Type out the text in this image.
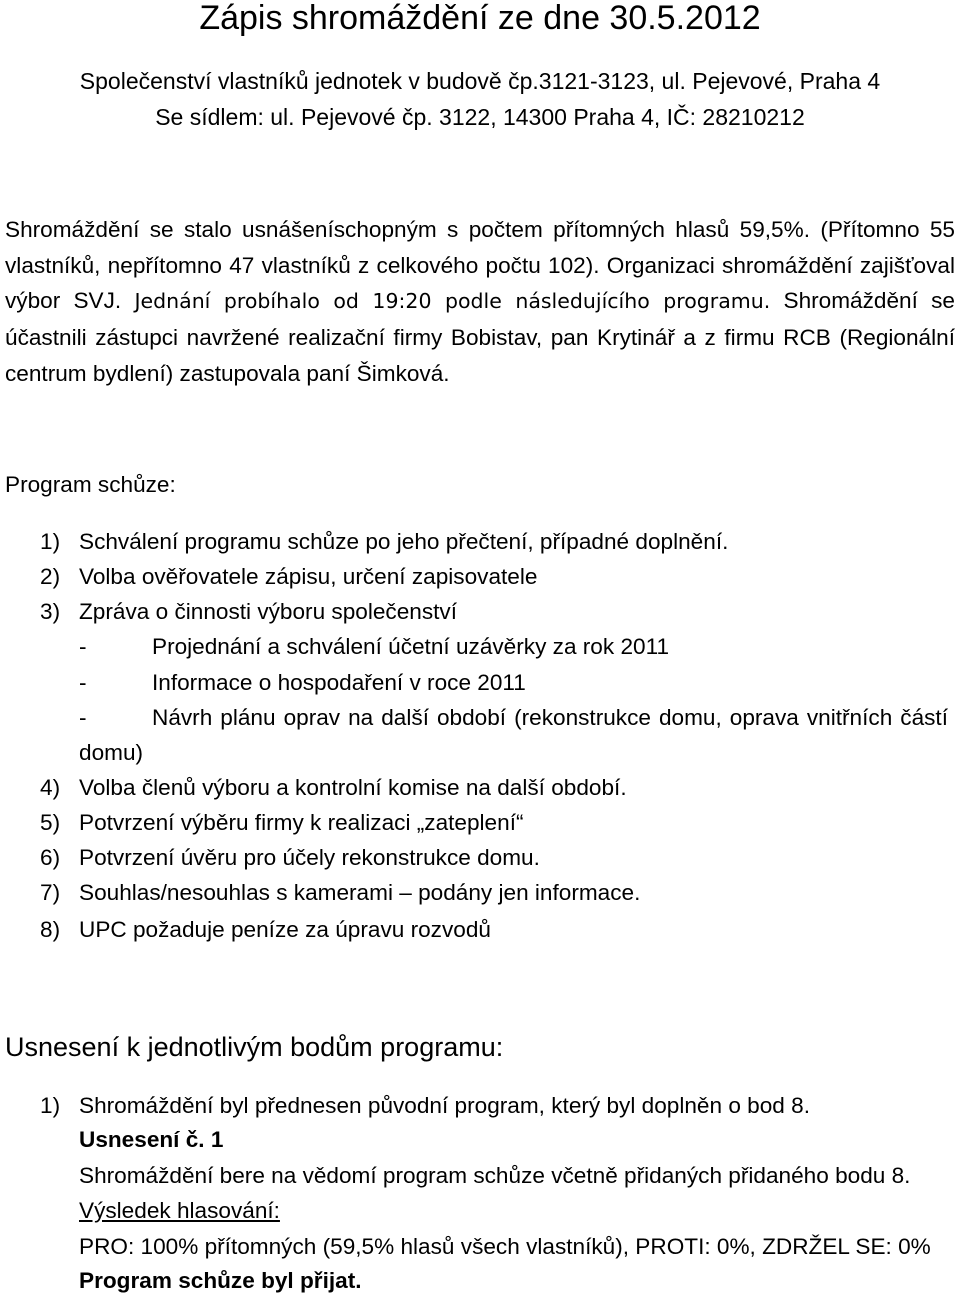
Zápis shromáždění ze dne 30.5.2012
Společenství vlastníků jednotek v budově čp.3121-3123, ul. Pejevové, Praha 4
Se sídlem: ul. Pejevové čp. 3122, 14300 Praha 4, IČ: 28210212
Shromáždění se stalo usnášeníschopným s počtem přítomných hlasů 59,5%. (Přítomno 55
vlastníků, nepřítomno 47 vlastníků z celkového počtu 102). Organizaci shromáždění zajišťoval
výbor SVJ. Jednání probíhalo od 19:20 podle následujícího programu. Shromáždění se
účastnili zástupci navržené realizační firmy Bobistav, pan Krytinář a z firmu RCB (Regionální
centrum bydlení) zastupovala paní Šimková.
Program schůze:
1) Schválení programu schůze po jeho přečtení, případné doplnění.
2) Volba ověřovatele zápisu, určení zapisovatele
3) Zpráva o činnosti výboru společenství
-	Projednání a schválení účetní uzávěrky za rok 2011
-	Informace o hospodaření v roce 2011
-	Návrh plánu oprav na další období (rekonstrukce domu, oprava vnitřních částí domu)
4) Volba členů výboru a kontrolní komise na další období.
5) Potvrzení výběru firmy k realizaci „zateplení“
6) Potvrzení úvěru pro účely rekonstrukce domu.
7) Souhlas/nesouhlas s kamerami – podány jen informace.
8) UPC požaduje peníze za úpravu rozvodů
Usnesení k jednotlivým bodům programu:
1) Shromáždění byl přednesen původní program, který byl doplněn o bod 8.
Usnesení č. 1
Shromáždění bere na vědomí program schůze včetně přidaných přidaného bodu 8.
Výsledek hlasování:
PRO: 100% přítomných (59,5% hlasů všech vlastníků), PROTI: 0%, ZDRŽEL SE: 0%
Program schůze byl přijat.
